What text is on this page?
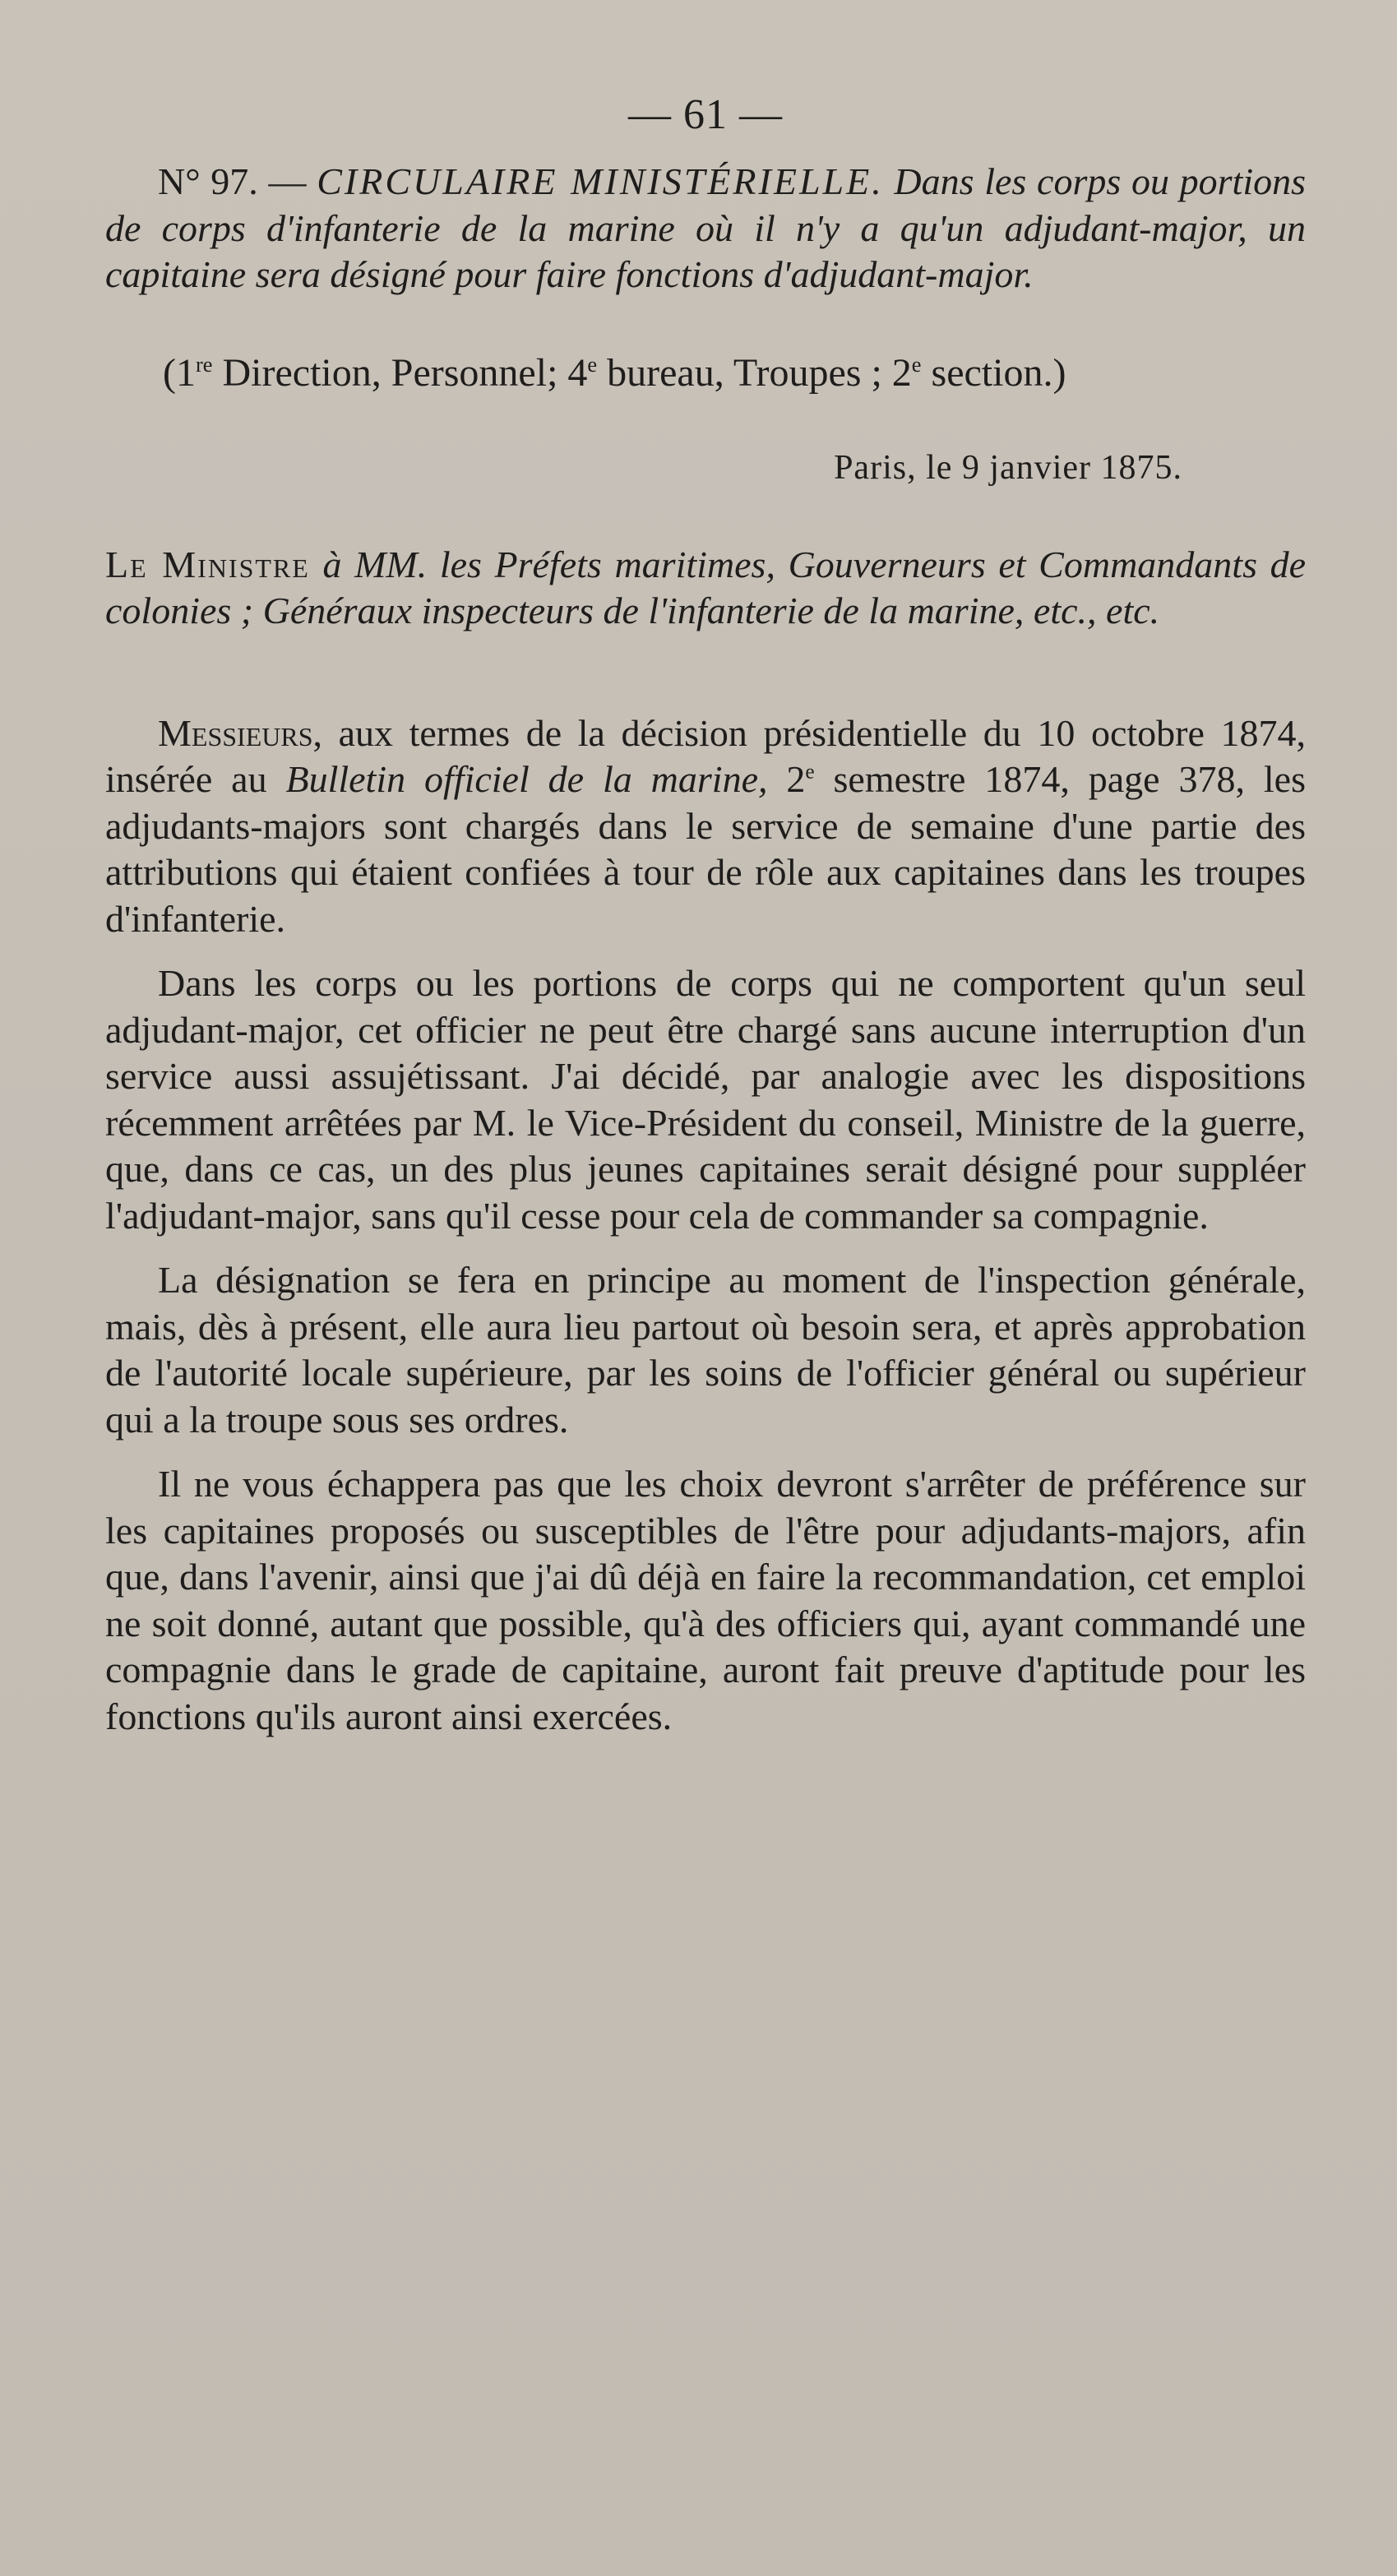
— 61 —

N° 97. — CIRCULAIRE MINISTÉRIELLE. Dans les corps ou portions de corps d'infanterie de la marine où il n'y a qu'un adjudant-major, un capitaine sera désigné pour faire fonctions d'adjudant-major.

(1re Direction, Personnel; 4e bureau, Troupes ; 2e section.)

Paris, le 9 janvier 1875.

Le Ministre à MM. les Préfets maritimes, Gouverneurs et Commandants de colonies ; Généraux inspecteurs de l'infanterie de la marine, etc., etc.

Messieurs, aux termes de la décision présidentielle du 10 octobre 1874, insérée au Bulletin officiel de la marine, 2e semestre 1874, page 378, les adjudants-majors sont chargés dans le service de semaine d'une partie des attributions qui étaient confiées à tour de rôle aux capitaines dans les troupes d'infanterie.

Dans les corps ou les portions de corps qui ne comportent qu'un seul adjudant-major, cet officier ne peut être chargé sans aucune interruption d'un service aussi assujétissant. J'ai décidé, par analogie avec les dispositions récemment arrêtées par M. le Vice-Président du conseil, Ministre de la guerre, que, dans ce cas, un des plus jeunes capitaines serait désigné pour suppléer l'adjudant-major, sans qu'il cesse pour cela de commander sa compagnie.

La désignation se fera en principe au moment de l'inspection générale, mais, dès à présent, elle aura lieu partout où besoin sera, et après approbation de l'autorité locale supérieure, par les soins de l'officier général ou supérieur qui a la troupe sous ses ordres.

Il ne vous échappera pas que les choix devront s'arrêter de préférence sur les capitaines proposés ou susceptibles de l'être pour adjudants-majors, afin que, dans l'avenir, ainsi que j'ai dû déjà en faire la recommandation, cet emploi ne soit donné, autant que possible, qu'à des officiers qui, ayant commandé une compagnie dans le grade de capitaine, auront fait preuve d'aptitude pour les fonctions qu'ils auront ainsi exercées.
